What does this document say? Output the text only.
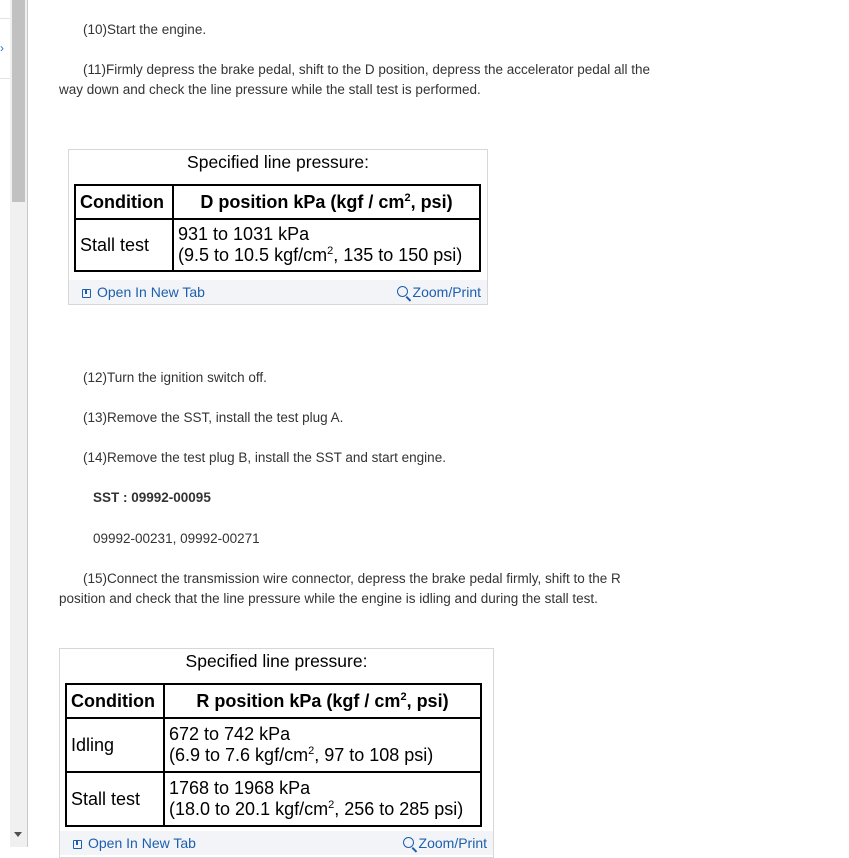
›

(10)Start the engine.

(11)Firmly depress the brake pedal, shift to the D position, depress the accelerator pedal all the

way down and check the line pressure while the stall test is performed.

Specified line pressure:
Condition	D position kPa ($kgf / cm^2$, psi)
Stall test	931 to 1031 kPa
(9.5 to 10.5 kgf/$cm^2$, 135 to 150 psi)
Open In New Tab	Zoom/Print

(12)Turn the ignition switch off.

(13)Remove the SST, install the test plug A.

(14)Remove the test plug B, install the SST and start engine.

SST : 09992-00095

09992-00231, 09992-00271

(15)Connect the transmission wire connector, depress the brake pedal firmly, shift to the R

position and check that the line pressure while the engine is idling and during the stall test.

Specified line pressure:
Condition	R position kPa ($kgf / cm^2$, psi)
Idling	672 to 742 kPa
(6.9 to 7.6 kgf/$cm^2$, 97 to 108 psi)

Stall test	1768 to 1968 kPa
(18.0 to 20.1 kgf/$cm^2$, 256 to 285 psi)
Open In New Tab	Zoom/Print
